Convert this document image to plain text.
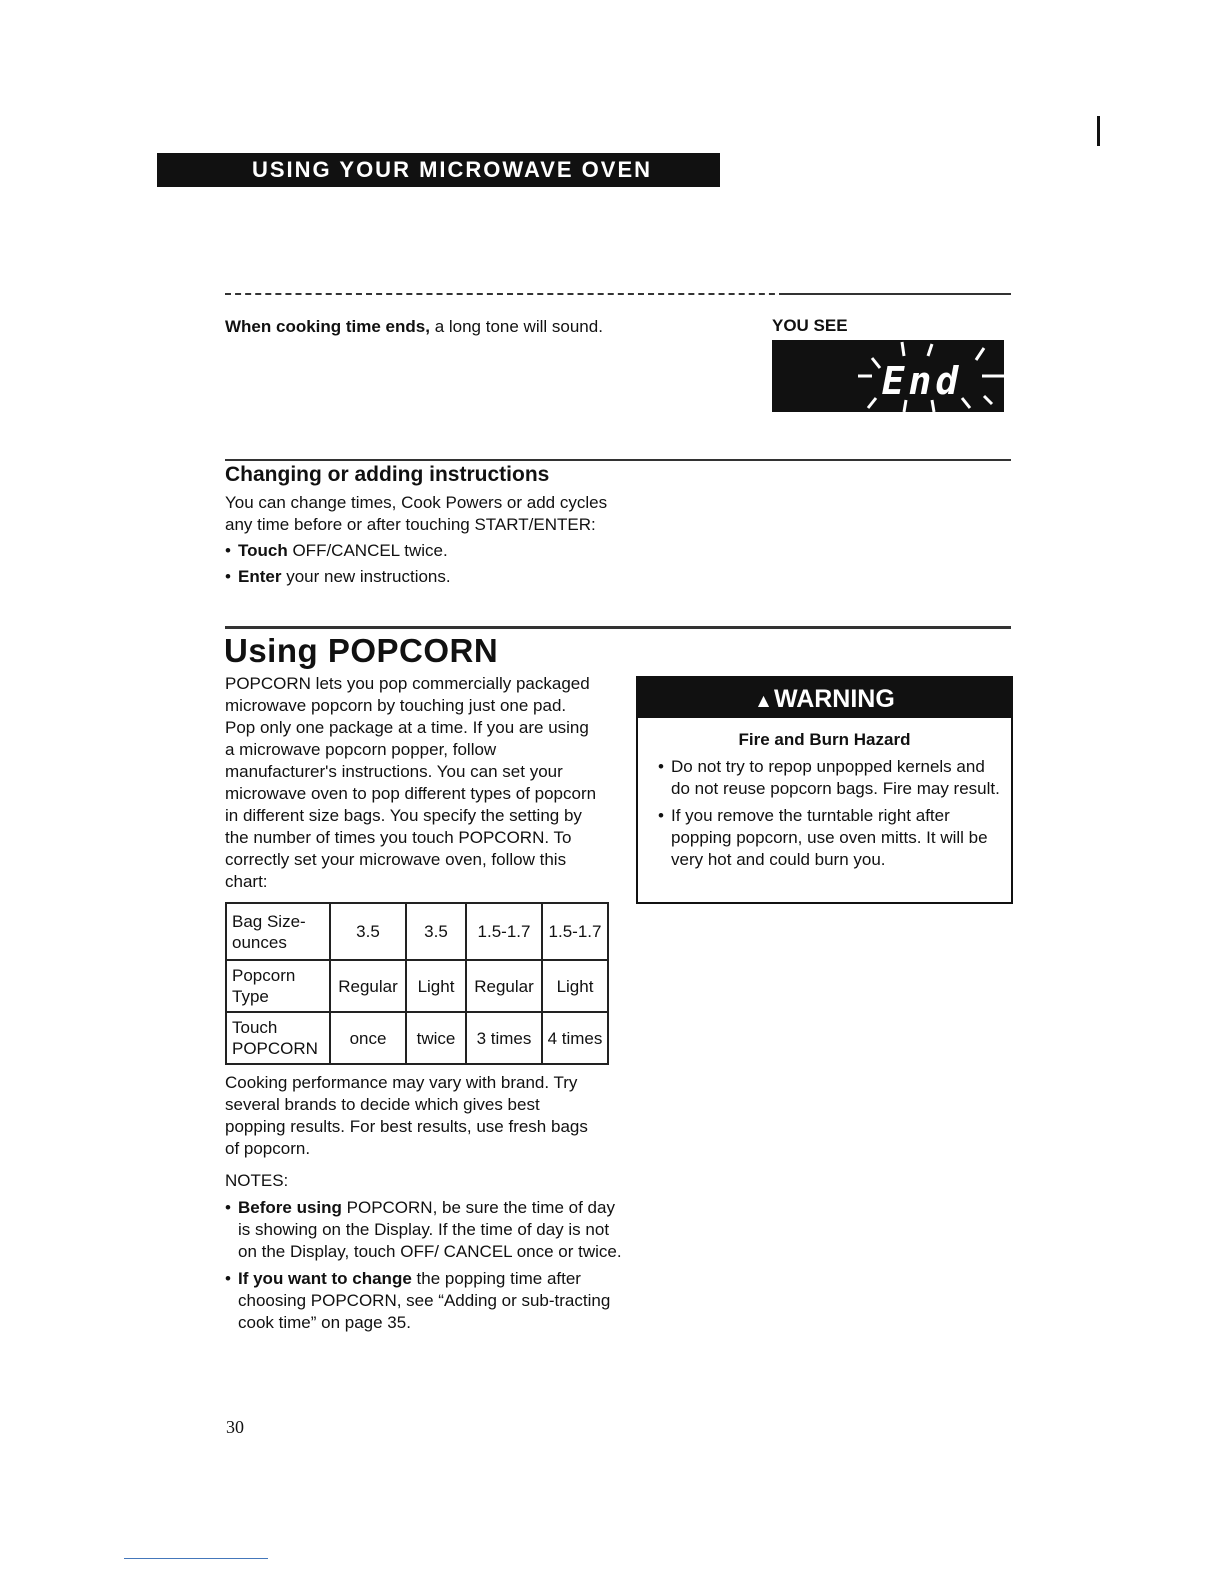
USING YOUR MICROWAVE OVEN
When cooking time ends, a long tone will sound.	YOU SEE
End
Changing or adding instructions
You can change times, Cook Powers or add cycles any time before or after touching START/ENTER:
• Touch OFF/CANCEL twice.
• Enter your new instructions.
Using POPCORN
POPCORN lets you pop commercially packaged microwave popcorn by touching just one pad. Pop only one package at a time. If you are using a microwave popcorn popper, follow manufacturer's instructions. You can set your microwave oven to pop different types of popcorn in different size bags. You specify the setting by the number of times you touch POPCORN. To correctly set your microwave oven, follow this chart:
▲WARNING
Fire and Burn Hazard
• Do not try to repop unpopped kernels and do not reuse popcorn bags. Fire may result.
• If you remove the turntable right after popping popcorn, use oven mitts. It will be very hot and could burn you.
Bag Size-ounces	3.5	3.5	1.5-1.7	1.5-1.7
Popcorn Type	Regular	Light	Regular	Light
Touch POPCORN	once	twice	3 times	4 times
Cooking performance may vary with brand. Try several brands to decide which gives best popping results. For best results, use fresh bags of popcorn.
NOTES:
• Before using POPCORN, be sure the time of day is showing on the Display. If the time of day is not on the Display, touch OFF/ CANCEL once or twice.
• If you want to change the popping time after choosing POPCORN, see “Adding or sub-tracting cook time” on page 35.
30
